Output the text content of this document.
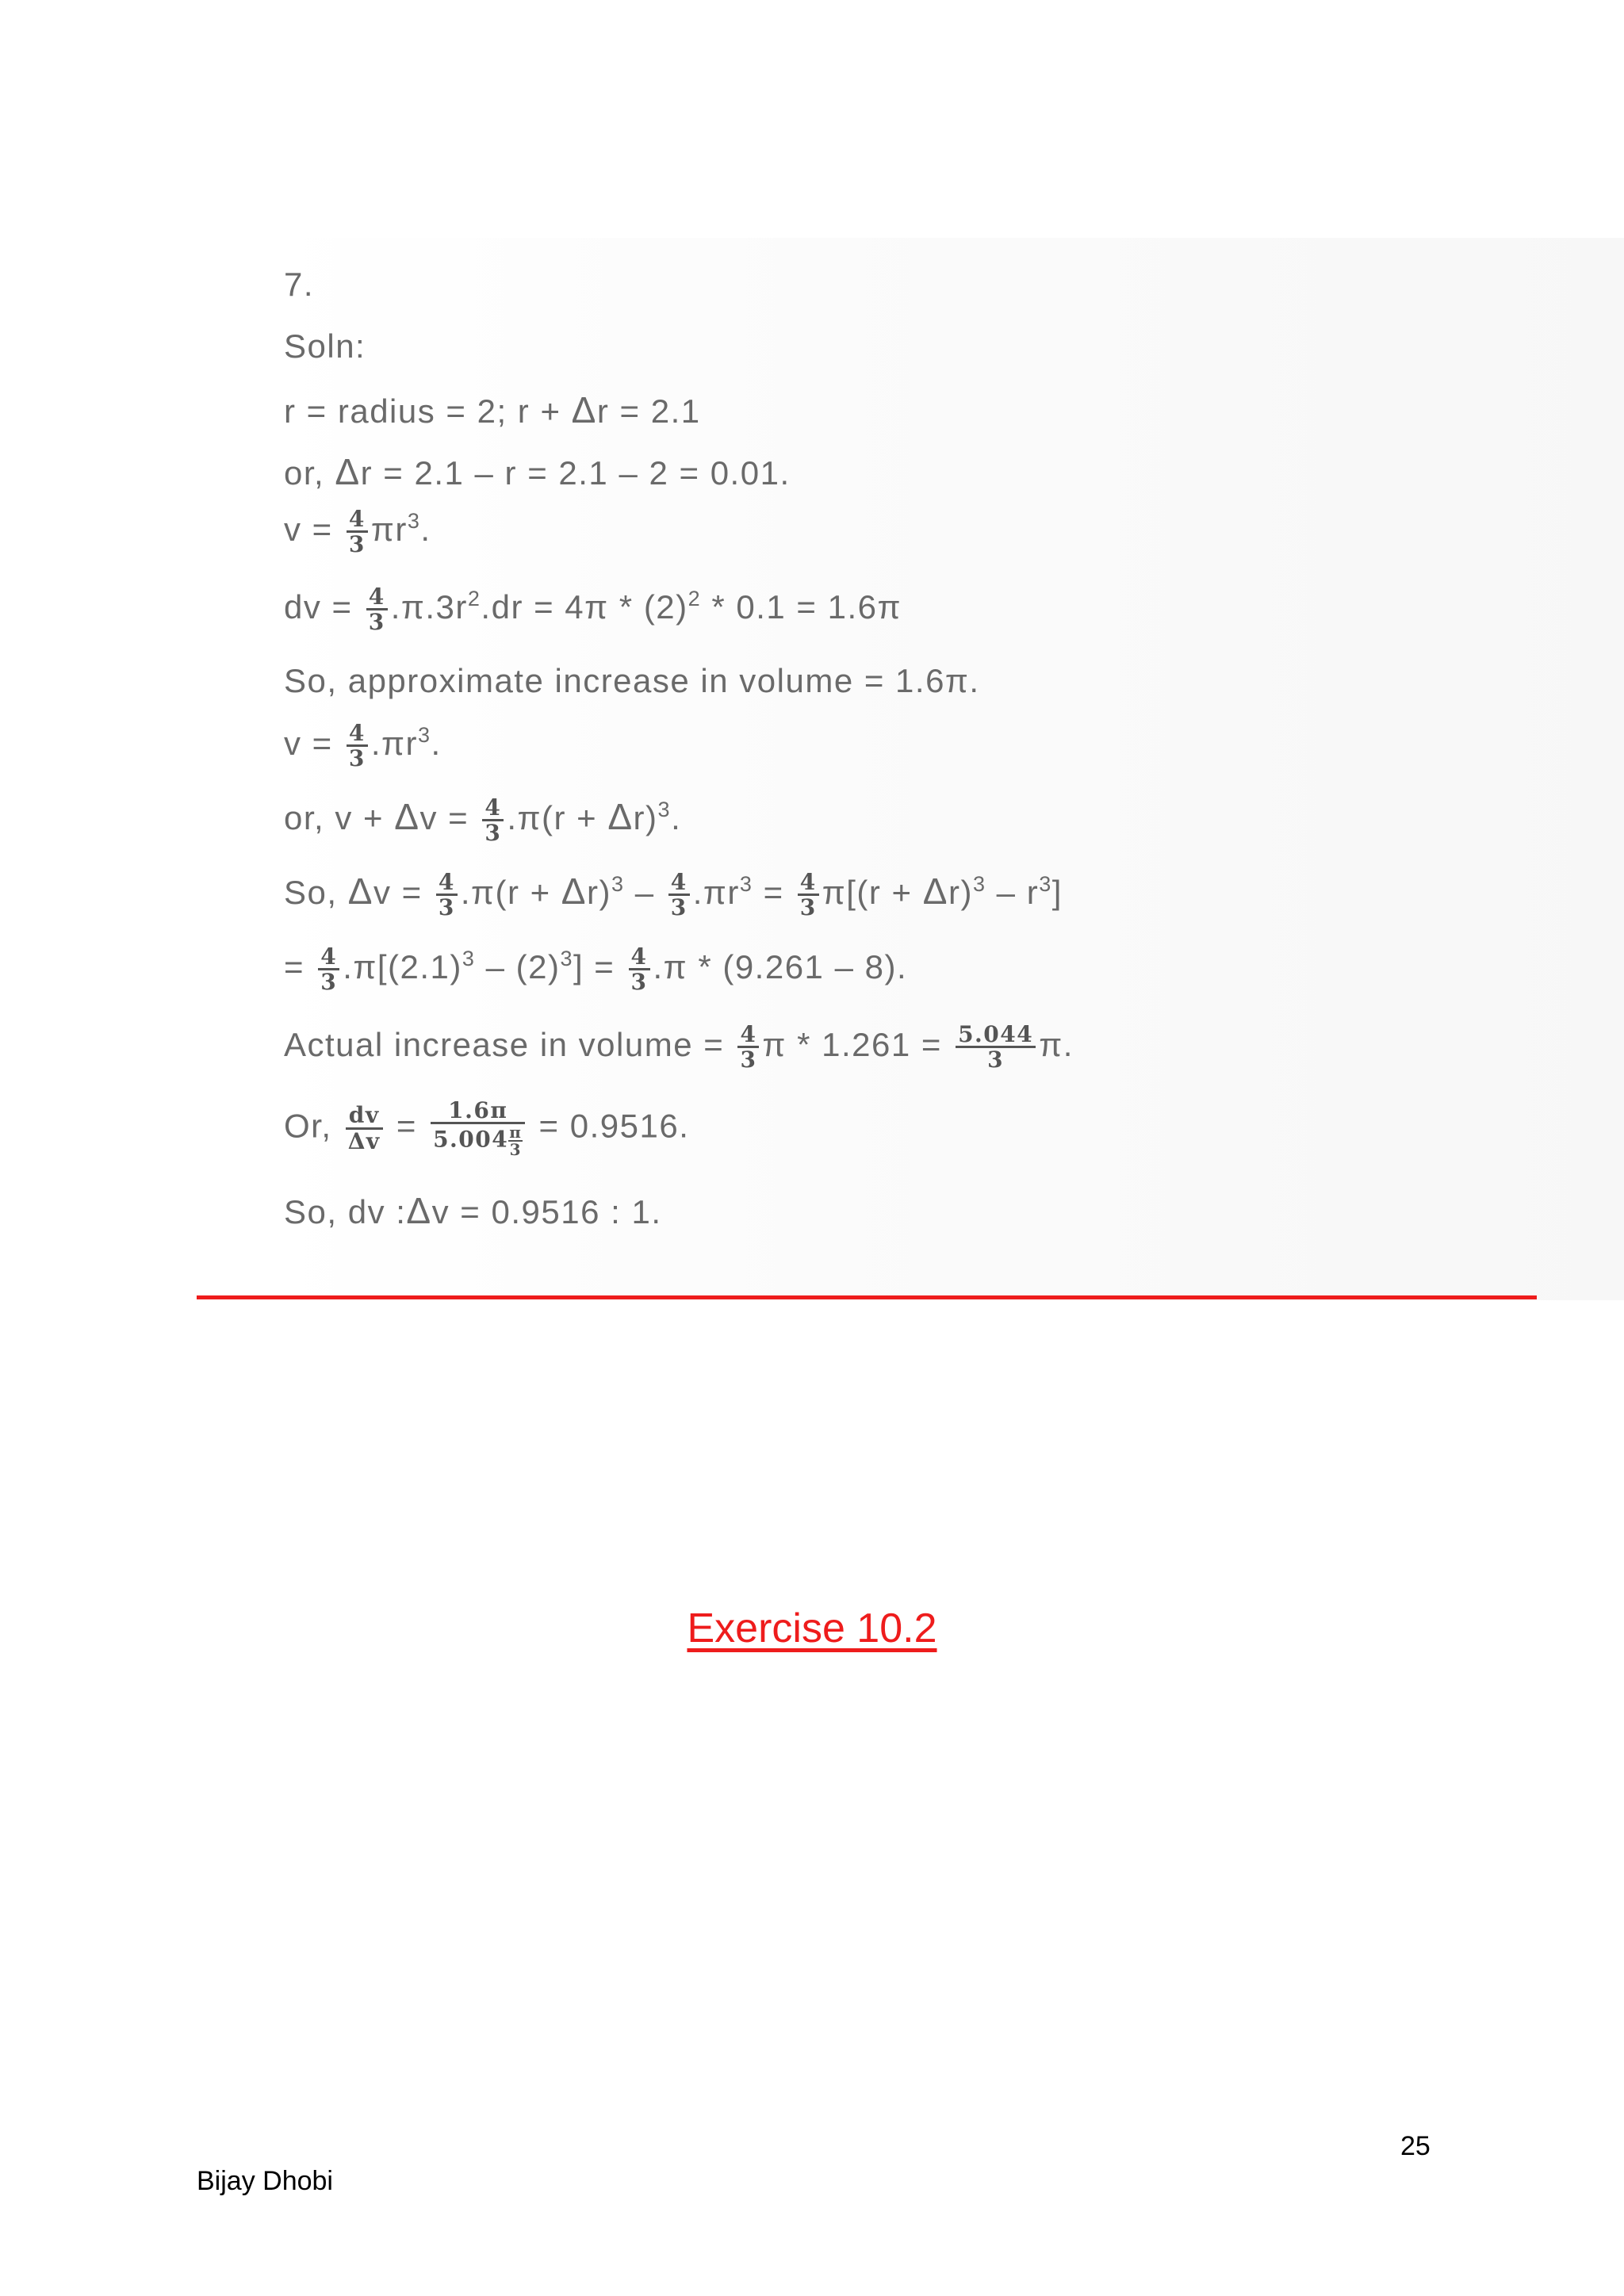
7.
Soln:
r = radius = 2; r + Δr = 2.1
or, Δr = 2.1 – r = 2.1 – 2 = 0.01.
$v = \frac{4}{3} \pi r^3$.
dv = $\frac{4}{3} .\pi.3r^2.dr = 4\pi * (2)^2 * 0.1 = 1.6\pi$
So, approximate increase in volume = 1.6π.
$v = \frac{4}{3} .\pi r^3$.
or, $v + \Delta v = \frac{4}{3} .\pi(r + \Delta r)^3$.
So, $\Delta v = \frac{4}{3} .\pi(r + \Delta r)^3 - \frac{4}{3} .\pi r^3 = \frac{4}{3} \pi[(r + \Delta r)^3 - r^3]$
= $\frac{4}{3} .\pi[(2.1)^3 - (2)^3] = \frac{4}{3} .\pi * (9.261 - 8)$.
Actual increase in volume = $\frac{4}{3}$ $\pi * 1.261 = \frac{5.044}{3} \pi$.
Or, $\frac{dv}{\Delta v} = \frac{1.6\pi}{5.004 \frac{\pi}{3}} = 0.9516$.
So, dv :Δv = 0.9516 : 1.
Exercise 10.2
25
Bijay Dhobi
